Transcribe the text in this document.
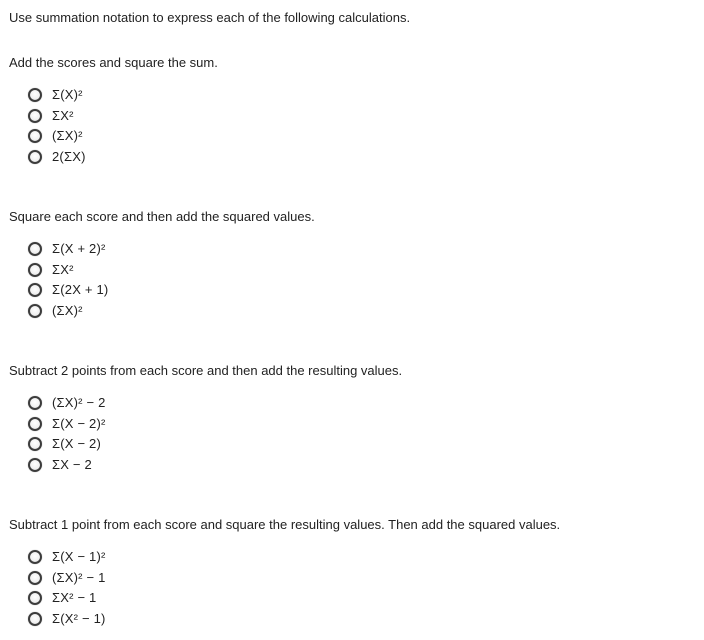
Use summation notation to express each of the following calculations.
Add the scores and square the sum.
Σ(X)²
ΣX²
(ΣX)²
2(ΣX)
Square each score and then add the squared values.
Σ(X + 2)²
ΣX²
Σ(2X + 1)
(ΣX)²
Subtract 2 points from each score and then add the resulting values.
(ΣX)² − 2
Σ(X − 2)²
Σ(X − 2)
ΣX − 2
Subtract 1 point from each score and square the resulting values. Then add the squared values.
Σ(X − 1)²
(ΣX)² − 1
ΣX² − 1
Σ(X² − 1)
